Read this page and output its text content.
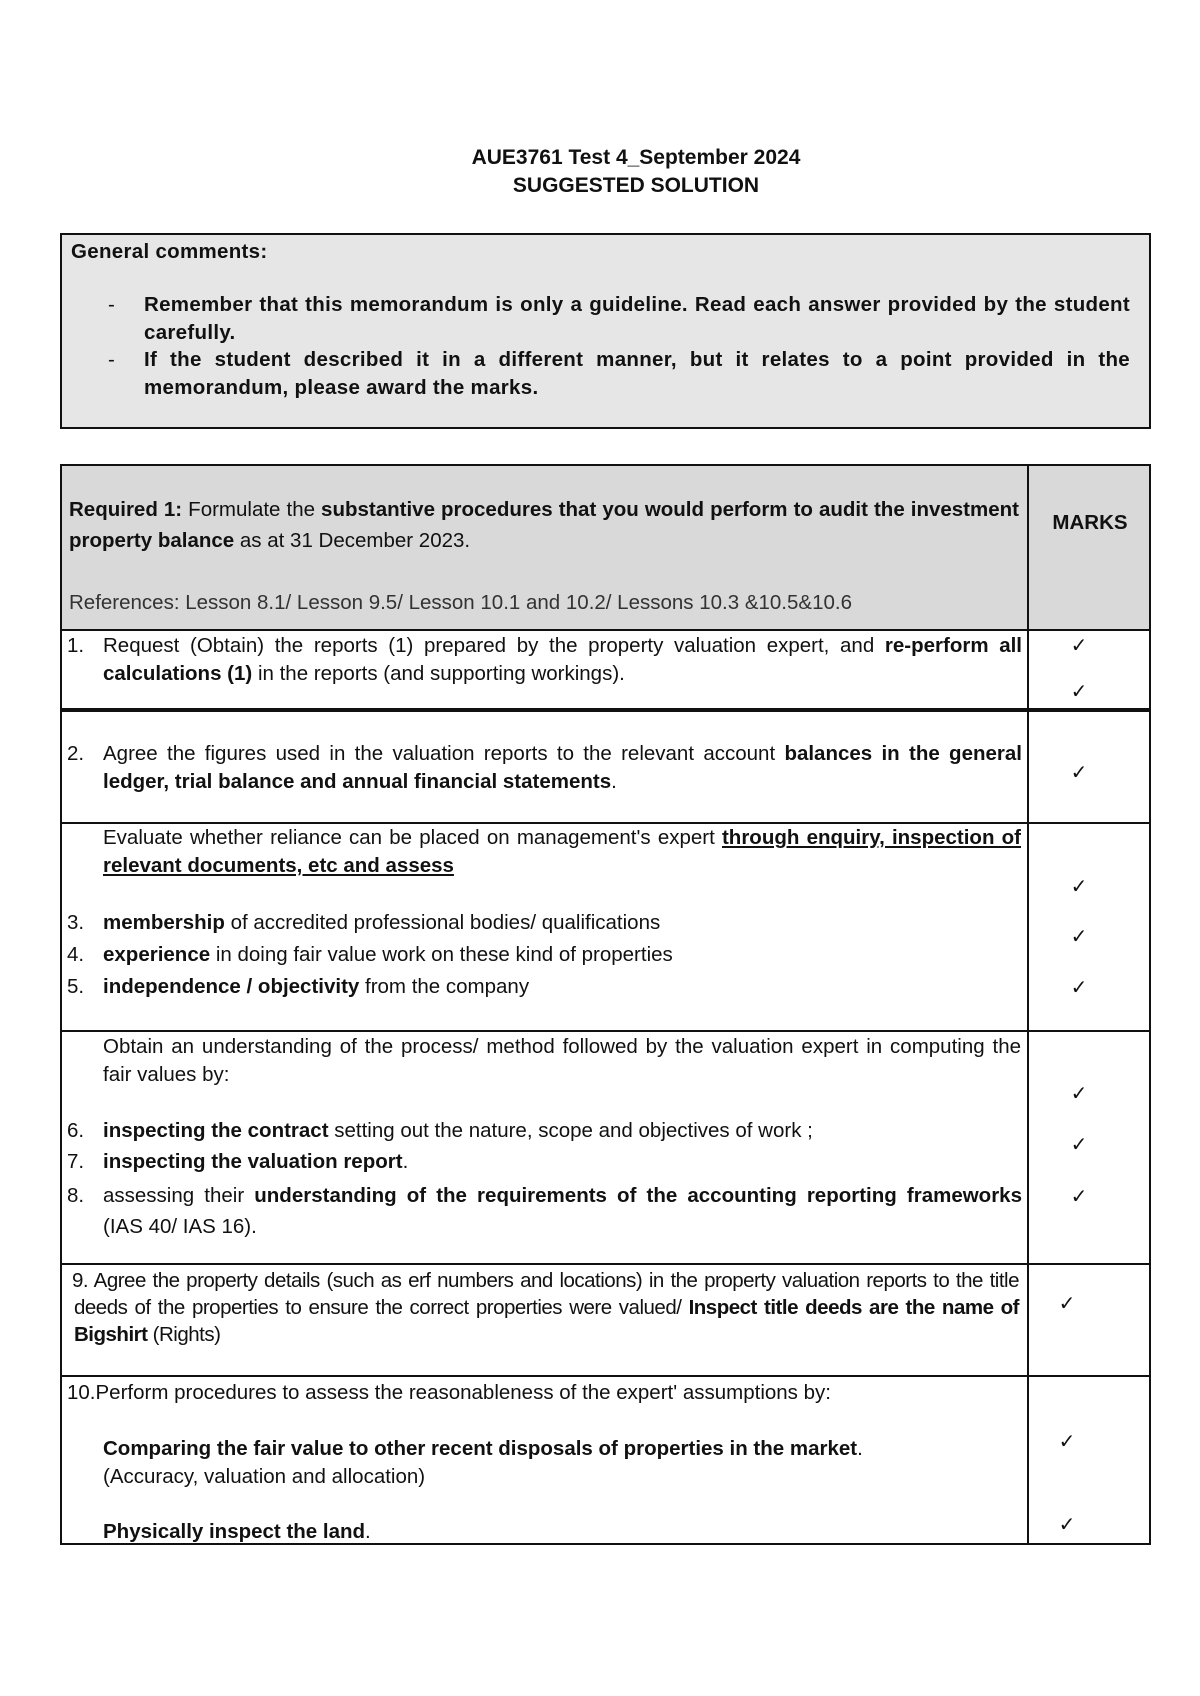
AUE3761 Test 4_September 2024
SUGGESTED SOLUTION
General comments:
- Remember that this memorandum is only a guideline. Read each answer provided by the student carefully.
- If the student described it in a different manner, but it relates to a point provided in the memorandum, please award the marks.
Required 1: Formulate the substantive procedures that you would perform to audit the investment property balance as at 31 December 2023.
MARKS
References: Lesson 8.1/ Lesson 9.5/ Lesson 10.1 and 10.2/ Lessons 10.3 &10.5&10.6
1. Request (Obtain) the reports (1) prepared by the property valuation expert, and re-perform all calculations (1) in the reports (and supporting workings).
✓
✓
2. Agree the figures used in the valuation reports to the relevant account balances in the general ledger, trial balance and annual financial statements.	✓
Evaluate whether reliance can be placed on management's expert through enquiry, inspection of relevant documents, etc and assess
3. membership of accredited professional bodies/ qualifications
4. experience in doing fair value work on these kind of properties
5. independence / objectivity from the company
✓
✓
✓
Obtain an understanding of the process/ method followed by the valuation expert in computing the fair values by:
6. inspecting the contract setting out the nature, scope and objectives of work ;
7. inspecting the valuation report.
8. assessing their understanding of the requirements of the accounting reporting frameworks (IAS 40/ IAS 16).
✓
✓
✓
9. Agree the property details (such as erf numbers and locations) in the property valuation reports to the title deeds of the properties to ensure the correct properties were valued/ Inspect title deeds are the name of Bigshirt (Rights)
✓
10.Perform procedures to assess the reasonableness of the expert' assumptions by:
Comparing the fair value to other recent disposals of properties in the market.
(Accuracy, valuation and allocation)
Physically inspect the land.
✓
✓
